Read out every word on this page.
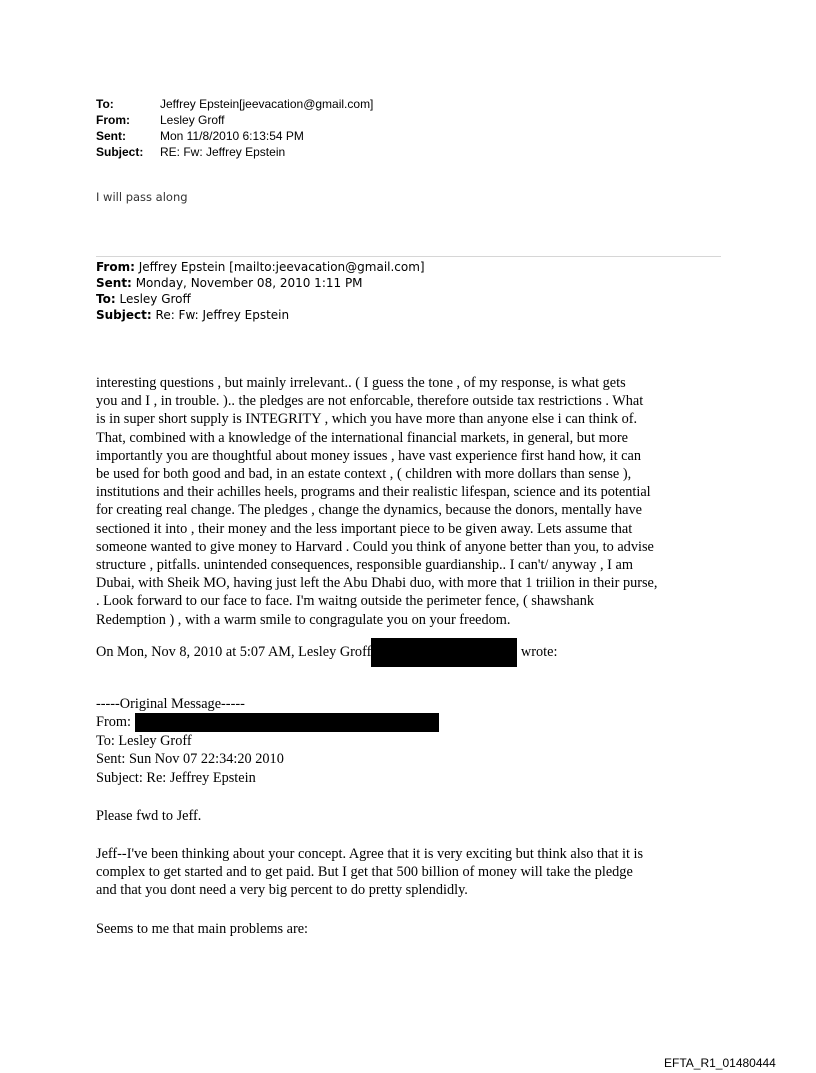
To:	Jeffrey Epstein[jeevacation@gmail.com]
From:	Lesley Groff
Sent:	Mon 11/8/2010 6:13:54 PM
Subject:	RE: Fw: Jeffrey Epstein
I will pass along
From: Jeffrey Epstein [mailto:jeevacation@gmail.com]
Sent: Monday, November 08, 2010 1:11 PM
To: Lesley Groff
Subject: Re: Fw: Jeffrey Epstein

interesting questions , but mainly irrelevant.. ( I guess the tone , of my response, is what gets
you and I , in trouble. ).. the pledges are not enforcable, therefore outside tax restrictions . What
is in super short supply is INTEGRITY , which you have more than anyone else i can think of.
That, combined with a knowledge of the international financial markets, in general, but more
importantly you are thoughtful about money issues , have vast experience first hand how, it can
be used for both good and bad, in an estate context , ( children with more dollars than sense ),
institutions and their achilles heels, programs and their realistic lifespan, science and its potential
for creating real change. The pledges , change the dynamics, because the donors, mentally have
sectioned it into , their money and the less important piece to be given away. Lets assume that
someone wanted to give money to Harvard . Could you think of anyone better than you, to advise
structure , pitfalls. unintended consequences, responsible guardianship.. I can't/ anyway , I am
Dubai, with Sheik MO, having just left the Abu Dhabi duo, with more that 1 triilion in their purse,
. Look forward to our face to face. I'm waitng outside the perimeter fence, ( shawshank
Redemption ) , with a warm smile to congragulate you on your freedom.

On Mon, Nov 8, 2010 at 5:07 AM, Lesley Groff	wrote:

-----Original Message-----
From:
To: Lesley Groff
Sent: Sun Nov 07 22:34:20 2010
Subject: Re: Jeffrey Epstein

Please fwd to Jeff.

Jeff--I've been thinking about your concept. Agree that it is very exciting but think also that it is
complex to get started and to get paid. But I get that 500 billion of money will take the pledge
and that you dont need a very big percent to do pretty splendidly.

Seems to me that main problems are:

EFTA_R1_01480444
